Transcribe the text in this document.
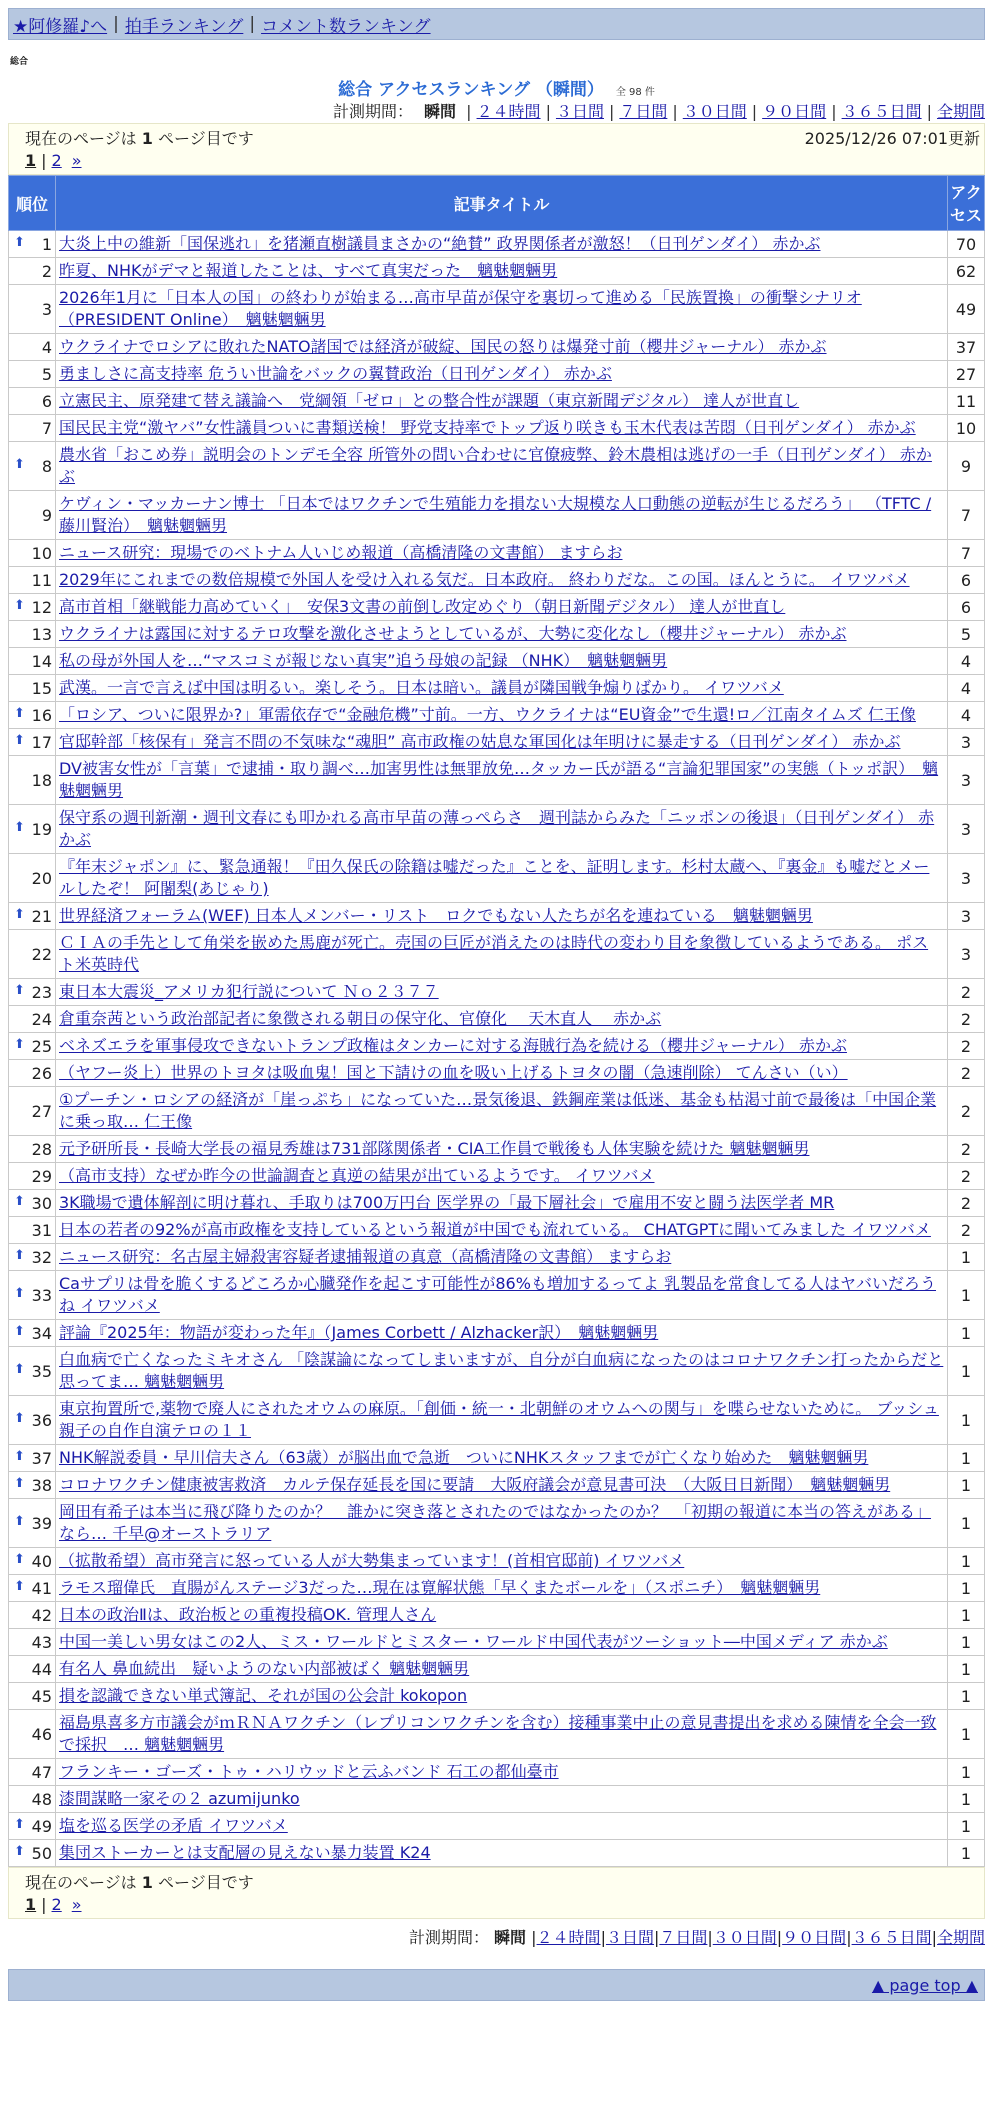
★阿修羅♪へ | 拍手ランキング | コメント数ランキング
総合
総合 アクセスランキング （瞬間） 全 98 件
計測期間： 瞬間 | ２４時間 | ３日間 | ７日間 | ３０日間 | ９０日間 | ３６５日間 | 全期間
現在のページは 1 ページ目です	2025/12/26 07:01更新
1 | 2 »
順位	記事タイトル	アクセス

⬆ 1	大炎上中の維新「国保逃れ」を猪瀬直樹議員まさかの“絶賛” 政界関係者が激怒！（日刊ゲンダイ） 赤かぶ	70
2	昨夏、NHKがデマと報道したことは、すべて真実だった　魑魅魍魎男	62
3	2026年1月に「日本人の国」の終わりが始まる…高市早苗が保守を裏切って進める「民族置換」の衝撃シナリオ （PRESIDENT Online）　魑魅魍魎男	49
4	ウクライナでロシアに敗れたNATO諸国では経済が破綻、国民の怒りは爆発寸前（櫻井ジャーナル） 赤かぶ	37
5	勇ましさに高支持率 危うい世論をバックの翼賛政治（日刊ゲンダイ） 赤かぶ	27
6	立憲民主、原発建て替え議論へ　党綱領「ゼロ」との整合性が課題（東京新聞デジタル） 達人が世直し	11
7	国民民主党“激ヤバ”女性議員ついに書類送検！ 野党支持率でトップ返り咲きも玉木代表は苦悶（日刊ゲンダイ） 赤かぶ	10

⬆ 8	農水省「おこめ券」説明会のトンデモ全容 所管外の問い合わせに官僚疲弊、鈴木農相は逃げの一手（日刊ゲンダイ） 赤かぶ	9
9	ケヴィン・マッカーナン博士 「日本ではワクチンで生殖能力を損ない大規模な人口動態の逆転が生じるだろう」 （TFTC / 藤川賢治）　魑魅魍魎男	7
10	ニュース研究：現場でのベトナム人いじめ報道（高橋清隆の文書館） ますらお	7
11	2029年にこれまでの数倍規模で外国人を受け入れる気だ。日本政府。 終わりだな。この国。ほんとうに。 イワツバメ	6

⬆ 12	高市首相「継戦能力高めていく」　安保3文書の前倒し改定めぐり（朝日新聞デジタル） 達人が世直し	6
13	ウクライナは露国に対するテロ攻撃を激化させようとしているが、大勢に変化なし（櫻井ジャーナル） 赤かぶ	5
14	私の母が外国人を…“マスコミが報じない真実”追う母娘の記録 （NHK）　魑魅魍魎男	4
15	武漢。一言で言えば中国は明るい。楽しそう。日本は暗い。議員が隣国戦争煽りばかり。 イワツバメ	4

⬆ 16	「ロシア、ついに限界か?」軍需依存で“金融危機”寸前。一方、ウクライナは“EU資金”で生還!ロ／江南タイムズ 仁王像	4

⬆ 17	官邸幹部「核保有」発言不問の不気味な“魂胆” 高市政権の姑息な軍国化は年明けに暴走する（日刊ゲンダイ） 赤かぶ	3
18	DV被害女性が「言葉」で逮捕・取り調べ…加害男性は無罪放免…タッカー氏が語る“言論犯罪国家”の実態（トッポ訳）　魑魅魍魎男	3

⬆ 19	保守系の週刊新潮・週刊文春にも叩かれる高市早苗の薄っぺらさ　週刊誌からみた「ニッポンの後退」（日刊ゲンダイ） 赤かぶ	3
20	『年末ジャポン』に、緊急通報！『田久保氏の除籍は嘘だった』ことを、証明します。杉村太蔵へ、『裏金』も嘘だとメールしたぞ！ 阿闍梨(あじゃり)	3

⬆ 21	世界経済フォーラム(WEF) 日本人メンバー・リスト　ロクでもない人たちが名を連ねている　魑魅魍魎男	3
22	ＣＩＡの手先として角栄を嵌めた馬鹿が死亡。売国の巨匠が消えたのは時代の変わり目を象徴しているようである。 ポスト米英時代	3

⬆ 23	東日本大震災_アメリカ犯行説について Ｎｏ２３７７	2
24	倉重奈茜という政治部記者に象徴される朝日の保守化、官僚化　 天木直人　 赤かぶ	2

⬆ 25	ベネズエラを軍事侵攻できないトランプ政権はタンカーに対する海賊行為を続ける（櫻井ジャーナル） 赤かぶ	2
26	（ヤフー炎上）世界のトヨタは吸血鬼！国と下請けの血を吸い上げるトヨタの闇（急速削除） てんさい（い）	2
27	①プーチン・ロシアの経済が「崖っぷち」になっていた…景気後退、鉄鋼産業は低迷、基金も枯渇寸前で最後は「中国企業に乗っ取… 仁王像	2
28	元予研所長・長崎大学長の福見秀雄は731部隊関係者・CIA工作員で戦後も人体実験を続けた 魑魅魍魎男	2
29	（高市支持）なぜか昨今の世論調査と真逆の結果が出ているようです。 イワツバメ	2

⬆ 30	3K職場で遺体解剖に明け暮れ、手取りは700万円台 医学界の「最下層社会」で雇用不安と闘う法医学者 MR	2
31	日本の若者の92%が高市政権を支持しているという報道が中国でも流れている。 CHATGPTに聞いてみました イワツバメ	2

⬆ 32	ニュース研究：名古屋主婦殺害容疑者逮捕報道の真意（高橋清隆の文書館） ますらお	1

⬆ 33	Caサプリは骨を脆くするどころか心臓発作を起こす可能性が86%も増加するってよ 乳製品を常食してる人はヤバいだろうね イワツバメ	1

⬆ 34	評論『2025年：物語が変わった年』（James Corbett / Alzhacker訳）　魑魅魍魎男	1

⬆ 35	白血病で亡くなったミキオさん 「陰謀論になってしまいますが、自分が白血病になったのはコロナワクチン打ったからだと思ってま… 魑魅魍魎男	1

⬆ 36	東京拘置所で,薬物で廃人にされたオウムの麻原。「創価・統一・北朝鮮のオウムへの関与」を喋らせないために。 ブッシュ親子の自作自演テロの１１	1

⬆ 37	NHK解説委員・早川信夫さん（63歳）が脳出血で急逝　ついにNHKスタッフまでが亡くなり始めた　魑魅魍魎男	1

⬆ 38	コロナワクチン健康被害救済　カルテ保存延長を国に要請　大阪府議会が意見書可決　（大阪日日新聞）　魑魅魍魎男	1

⬆ 39	岡田有希子は本当に飛び降りたのか？　誰かに突き落とされたのではなかったのか？　「初期の報道に本当の答えがある」なら… 千早@オーストラリア	1

⬆ 40	（拡散希望）高市発言に怒っている人が大勢集まっています！(首相官邸前) イワツバメ	1

⬆ 41	ラモス瑠偉氏　直腸がんステージ3だった…現在は寛解状態「早くまたボールを」（スポニチ）　魑魅魍魎男	1
42	日本の政治Ⅱは、政治板との重複投稿OK. 管理人さん	1
43	中国一美しい男女はこの2人、ミス・ワールドとミスター・ワールド中国代表がツーショット―中国メディア 赤かぶ	1
44	有名人 鼻血続出　疑いようのない内部被ばく 魑魅魍魎男	1
45	損を認識できない単式簿記、それが国の公会計 kokopon	1
46	福島県喜多方市議会がｍＲＮＡワクチン（レプリコンワクチンを含む）接種事業中止の意見書提出を求める陳情を全会一致で採択　… 魑魅魍魎男	1
47	フランキー・ゴーズ・トゥ・ハリウッドと云ふバンド 石工の都仙臺市	1
48	漆間謀略一家その２ azumijunko	1

⬆ 49	塩を巡る医学の矛盾 イワツバメ	1

⬆ 50	集団ストーカーとは支配層の見えない暴力装置 K24	1
現在のページは 1 ページ目です
1 | 2 »
計測期間： 瞬間 |２４時間|３日間|７日間|３０日間|９０日間|３６５日間|全期間
▲ page top ▲
